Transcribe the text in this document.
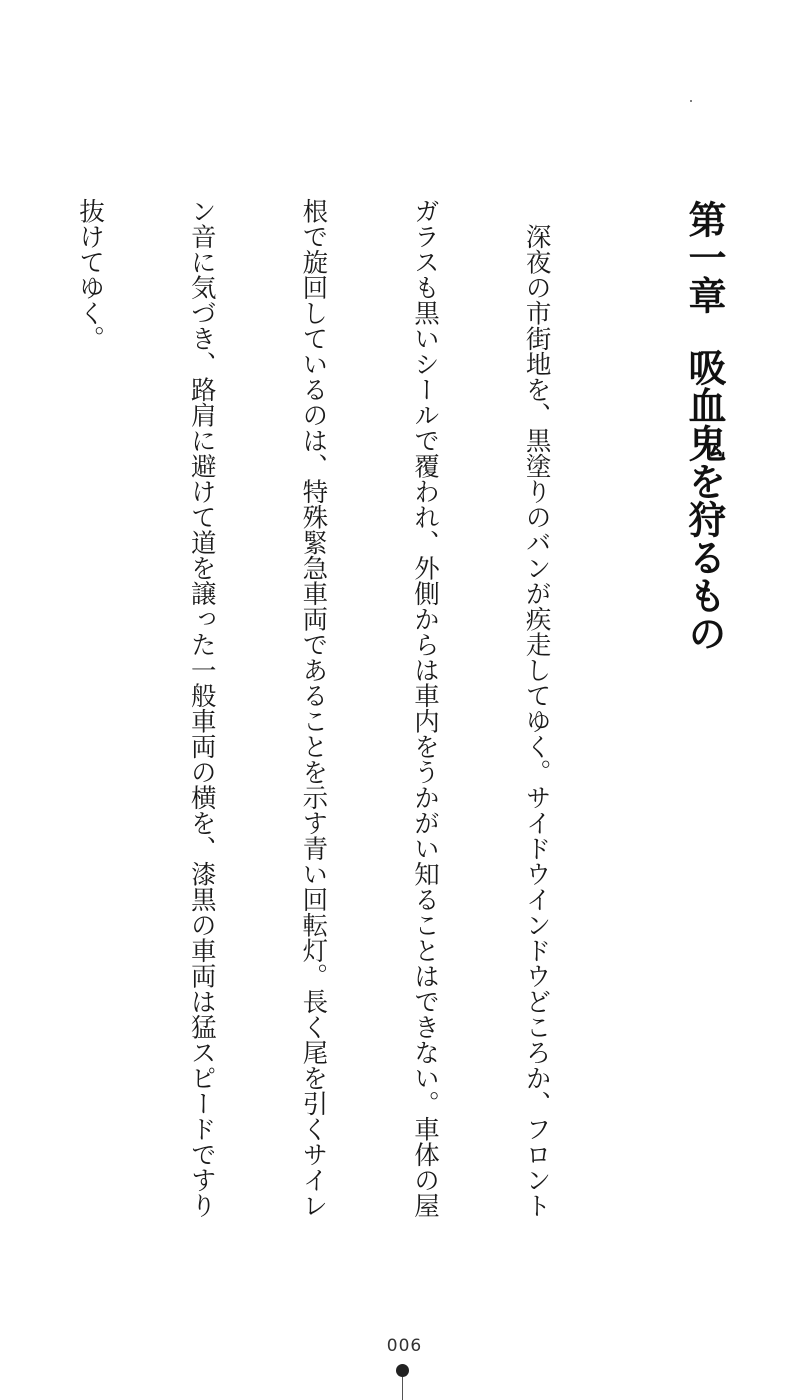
第一章吸血鬼を狩るもの

　深夜の市街地を、黒塗りのバンが疾走してゆく。サイドウインドウどころか、フロント

ガラスも黒いシールで覆われ、外側からは車内をうかがい知ることはできない。車体の屋

根で旋回しているのは、特殊緊急車両であることを示す青い回転灯。長く尾を引くサイレ

ン音に気づき、路肩に避けて道を譲った一般車両の横を、漆黒の車両は猛スピードですり

抜けてゆく。

006
